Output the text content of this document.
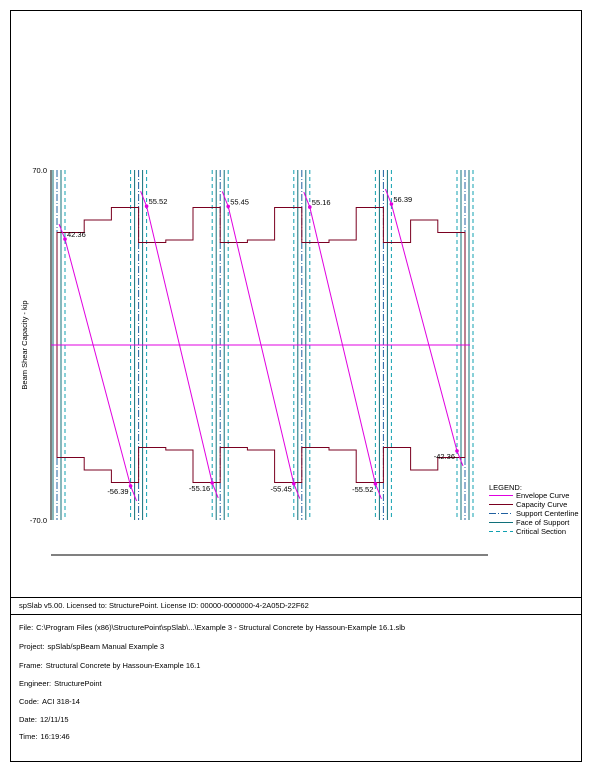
42.36
-56.39
55.52
-55.16
55.45
-55.45
55.16
-55.52
56.39
-42.36
70.0
-70.0
Beam Shear Capacity - kip
LEGEND:
Envelope Curve
Capacity Curve
Support Centerline
Face of Support
Critical Section
spSlab v5.00. Licensed to: StructurePoint. License ID: 00000-0000000-4-2A05D-22F62
File: C:\Program Files (x86)\StructurePoint\spSlab\...\Example 3 - Structural Concrete by Hassoun-Example 16.1.slb
Project: spSlab/spBeam Manual Example 3
Frame: Structural Concrete by Hassoun-Example 16.1
Engineer: StructurePoint
Code: ACI 318-14
Date: 12/11/15
Time: 16:19:46
